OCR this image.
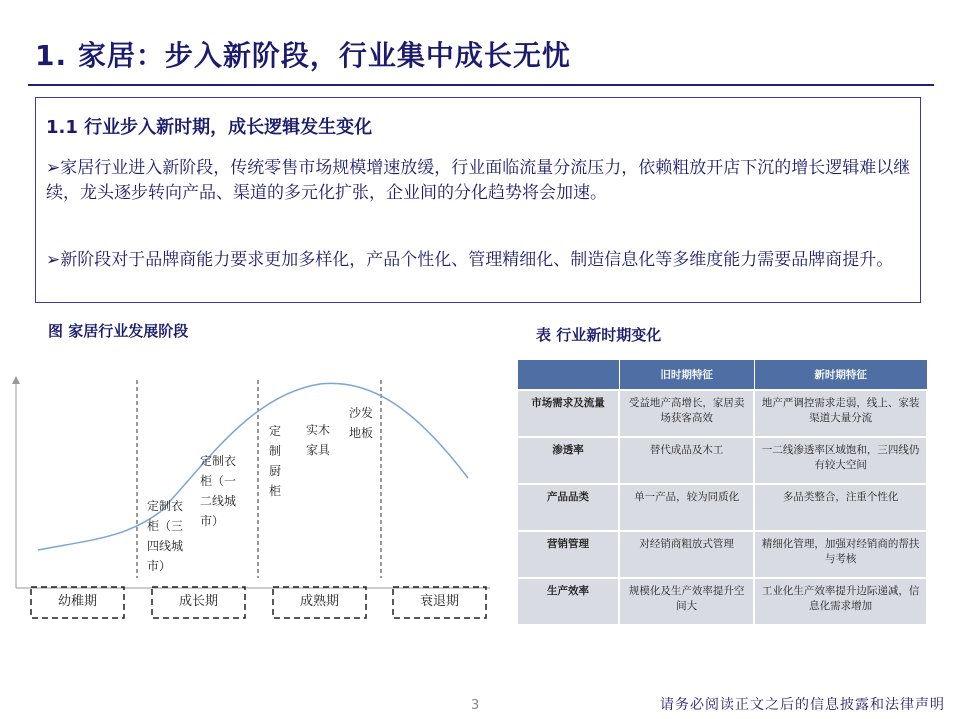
1. 家居：步入新阶段，行业集中成长无忧
1.1 行业步入新时期，成长逻辑发生变化
➢家居行业进入新阶段，传统零售市场规模增速放缓，行业面临流量分流压力，依赖粗放开店下沉的增长逻辑难以继续，龙头逐步转向产品、渠道的多元化扩张，企业间的分化趋势将会加速。
➢新阶段对于品牌商能力要求更加多样化，产品个性化、管理精细化、制造信息化等多维度能力需要品牌商提升。
图 家居行业发展阶段	表 行业新时期变化
幼稚期	成长期	成熟期	衰退期
定制衣
柜（三
四线城
市）
定制衣
柜（一
二线城
市）
定
制
厨
柜
实木
家具
沙发
地板
	旧时期特征	新时期特征
市场需求及流量	受益地产高增长，家居卖场获客高效	地产严调控需求走弱，线上、家装渠道大量分流
渗透率	替代成品及木工	一二线渗透率区域饱和，三四线仍有较大空间
产品品类	单一产品，较为同质化	多品类整合，注重个性化
营销管理	对经销商粗放式管理	精细化管理，加强对经销商的帮扶与考核
生产效率	规模化及生产效率提升空间大	工业化生产效率提升边际递减，信息化需求增加
3	请务必阅读正文之后的信息披露和法律声明
